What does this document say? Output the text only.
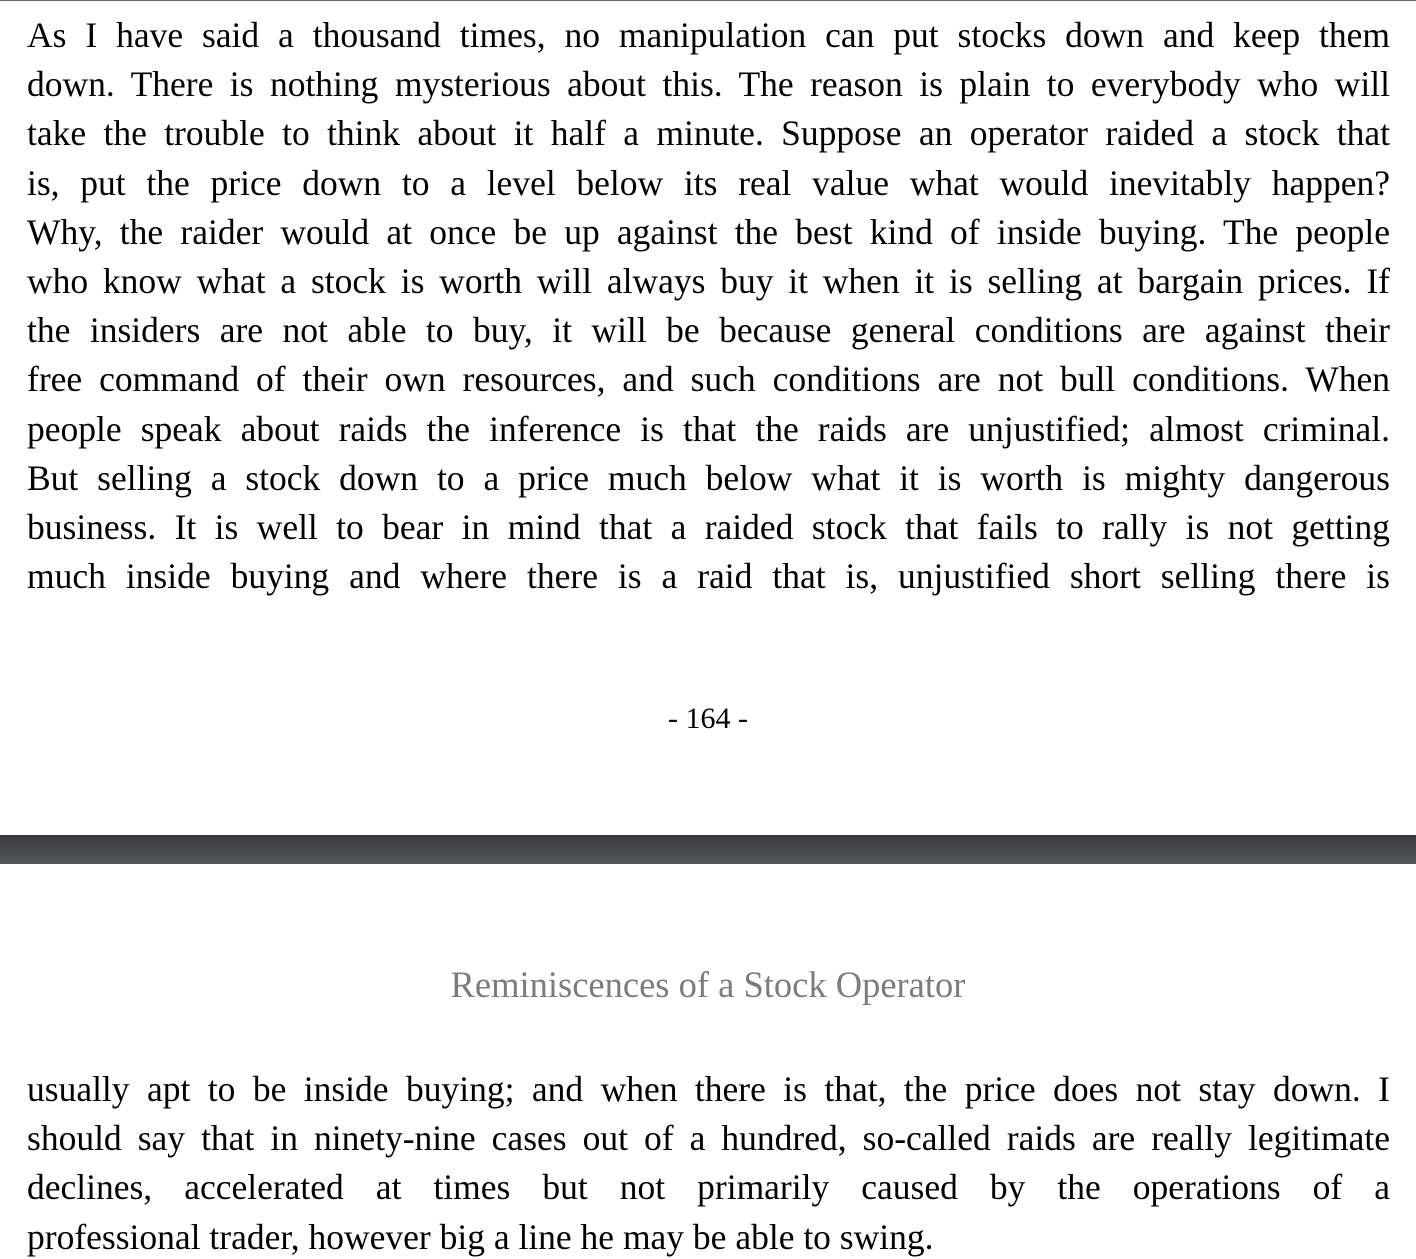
As I have said a thousand times, no manipulation can put stocks down and keep them
down. There is nothing mysterious about this. The reason is plain to everybody who will
take the trouble to think about it half a minute. Suppose an operator raided a stock that
is, put the price down to a level below its real value what would inevitably happen?
Why, the raider would at once be up against the best kind of inside buying. The people
who know what a stock is worth will always buy it when it is selling at bargain prices. If
the insiders are not able to buy, it will be because general conditions are against their
free command of their own resources, and such conditions are not bull conditions. When
people speak about raids the inference is that the raids are unjustified; almost criminal.
But selling a stock down to a price much below what it is worth is mighty dangerous
business. It is well to bear in mind that a raided stock that fails to rally is not getting
much inside buying and where there is a raid that is, unjustified short selling there is
- 164 -
Reminiscences of a Stock Operator
usually apt to be inside buying; and when there is that, the price does not stay down. I
should say that in ninety-nine cases out of a hundred, so-called raids are really legitimate
declines, accelerated at times but not primarily caused by the operations of a
professional trader, however big a line he may be able to swing.
